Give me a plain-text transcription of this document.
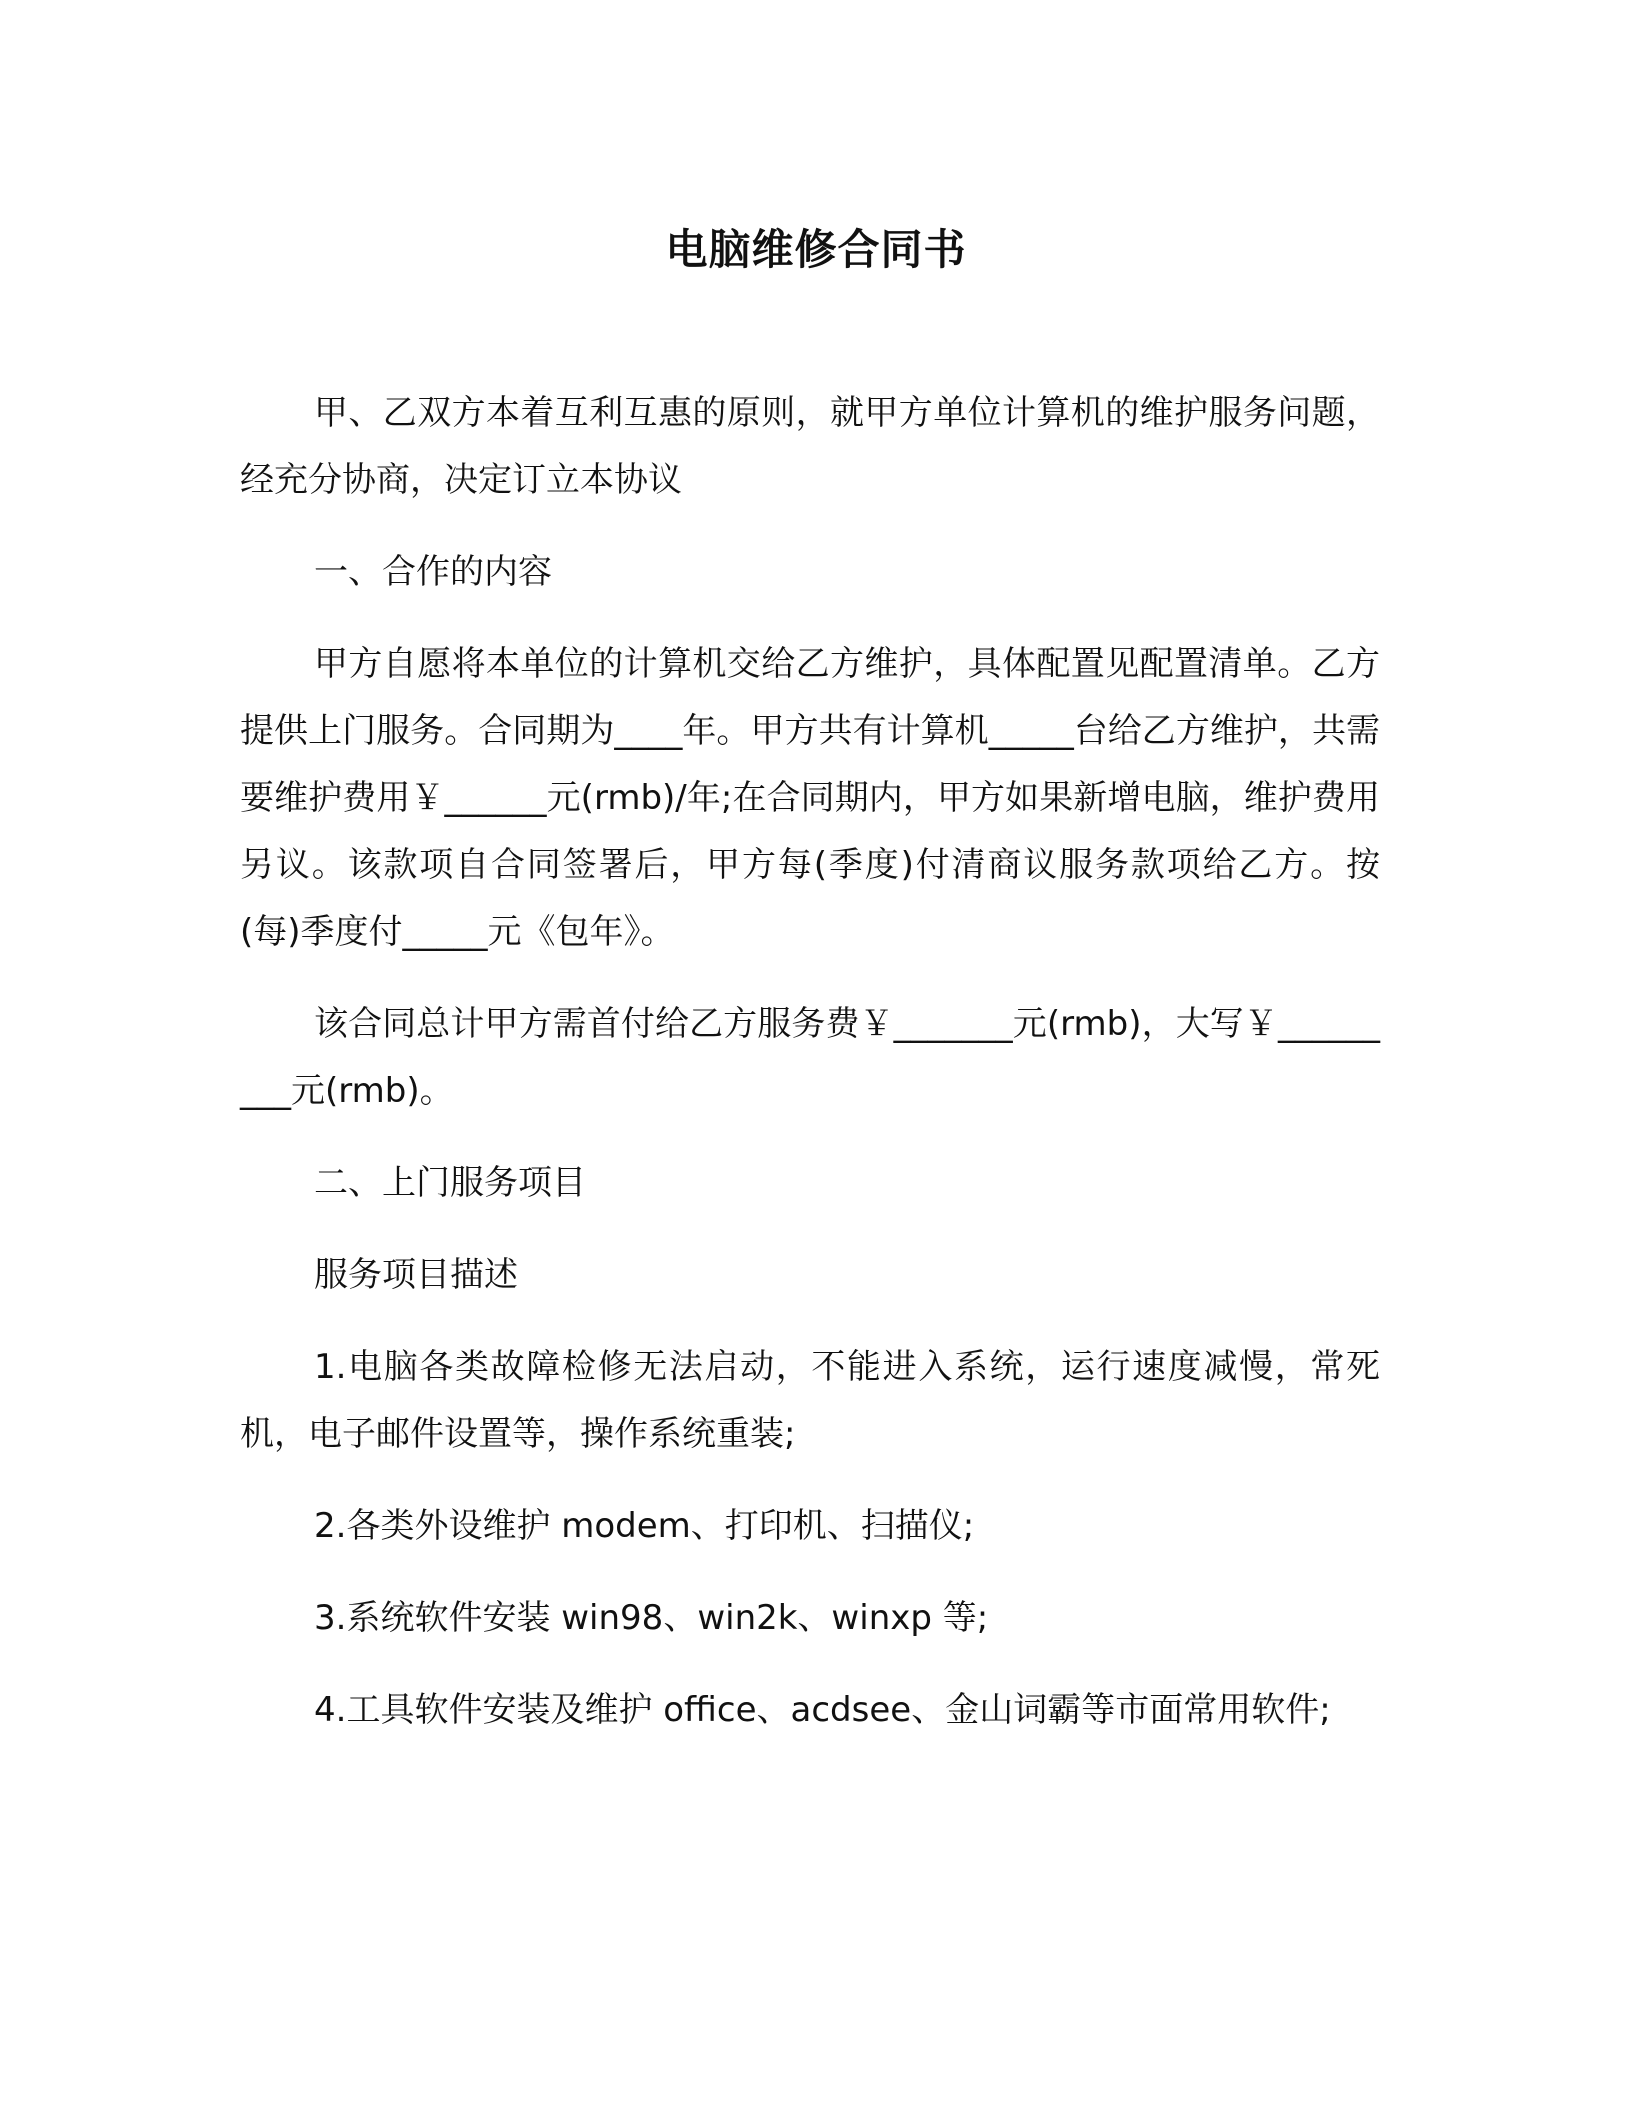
电脑维修合同书

甲、乙双方本着互利互惠的原则，就甲方单位计算机的维护服务问题，经充分协商，决定订立本协议

一、合作的内容

甲方自愿将本单位的计算机交给乙方维护，具体配置见配置清单。乙方提供上门服务。合同期为____年。甲方共有计算机_____台给乙方维护，共需要维护费用￥______元(rmb)/年;在合同期内，甲方如果新增电脑，维护费用另议。该款项自合同签署后，甲方每(季度)付清商议服务款项给乙方。按(每)季度付_____元《包年》。

该合同总计甲方需首付给乙方服务费￥_______元(rmb)，大写￥_________元(rmb)。

二、上门服务项目

服务项目描述

1.电脑各类故障检修无法启动，不能进入系统，运行速度减慢，常死机，电子邮件设置等，操作系统重装;

2.各类外设维护 modem、打印机、扫描仪;

3.系统软件安装 win98、win2k、winxp 等;

4.工具软件安装及维护 office、acdsee、金山词霸等市面常用软件;
